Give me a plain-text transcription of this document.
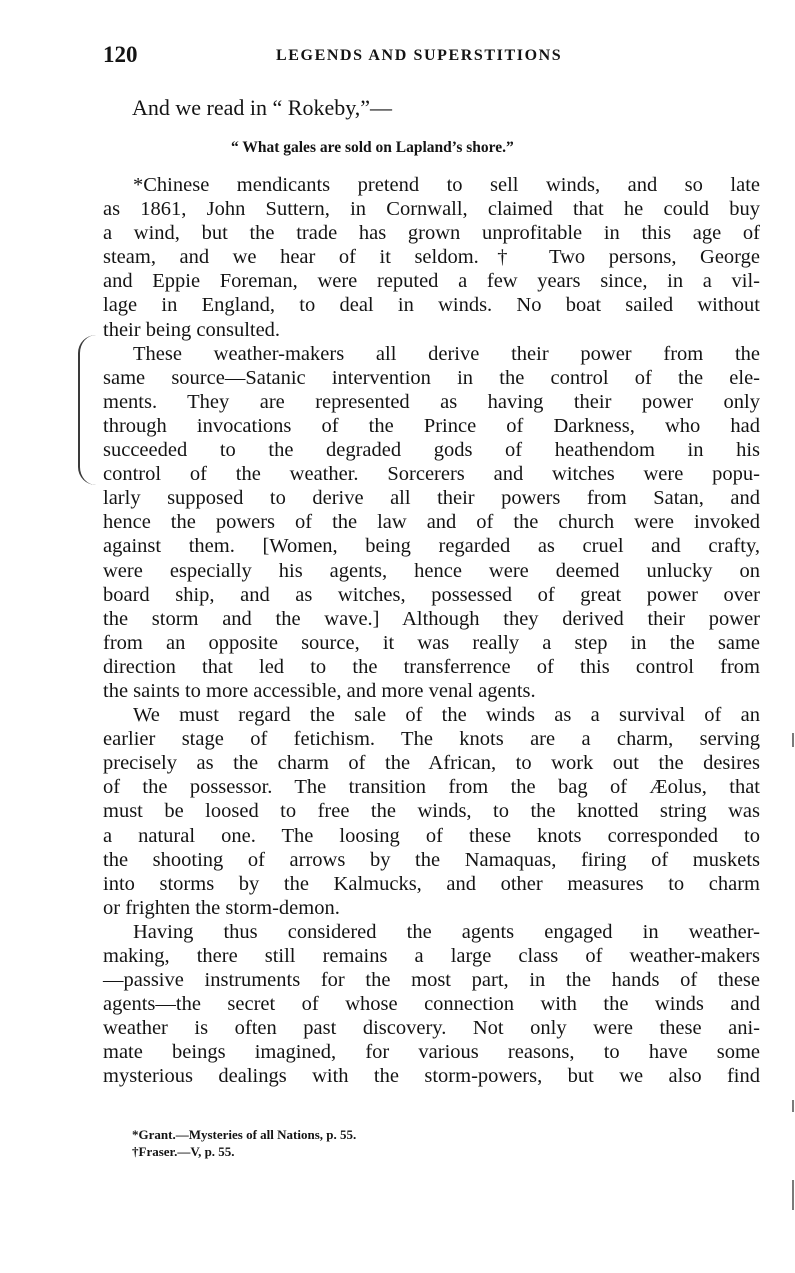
120	LEGENDS AND SUPERSTITIONS
And we read in “ Rokeby,”—
“ What gales are sold on Lapland’s shore.”
*Chinese mendicants pretend to sell winds, and so late
as 1861, John Suttern, in Cornwall, claimed that he could buy
a wind, but the trade has grown unprofitable in this age of
steam, and we hear of it seldom.† Two persons, George
and Eppie Foreman, were reputed a few years since, in a vil-
lage in England, to deal in winds. No boat sailed without
their being consulted.
These weather-makers all derive their power from the
same source—Satanic intervention in the control of the ele-
ments. They are represented as having their power only
through invocations of the Prince of Darkness, who had
succeeded to the degraded gods of heathendom in his
control of the weather. Sorcerers and witches were popu-
larly supposed to derive all their powers from Satan, and
hence the powers of the law and of the church were invoked
against them. [Women, being regarded as cruel and crafty,
were especially his agents, hence were deemed unlucky on
board ship, and as witches, possessed of great power over
the storm and the wave.] Although they derived their power
from an opposite source, it was really a step in the same
direction that led to the transferrence of this control from
the saints to more accessible, and more venal agents.
We must regard the sale of the winds as a survival of an
earlier stage of fetichism. The knots are a charm, serving
precisely as the charm of the African, to work out the desires
of the possessor. The transition from the bag of Æolus, that
must be loosed to free the winds, to the knotted string was
a natural one. The loosing of these knots corresponded to
the shooting of arrows by the Namaquas, firing of muskets
into storms by the Kalmucks, and other measures to charm
or frighten the storm-demon.
Having thus considered the agents engaged in weather-
making, there still remains a large class of weather-makers
—passive instruments for the most part, in the hands of these
agents—the secret of whose connection with the winds and
weather is often past discovery. Not only were these ani-
mate beings imagined, for various reasons, to have some
mysterious dealings with the storm-powers, but we also find
*Grant.—Mysteries of all Nations, p. 55.
†Fraser.—V, p. 55.
